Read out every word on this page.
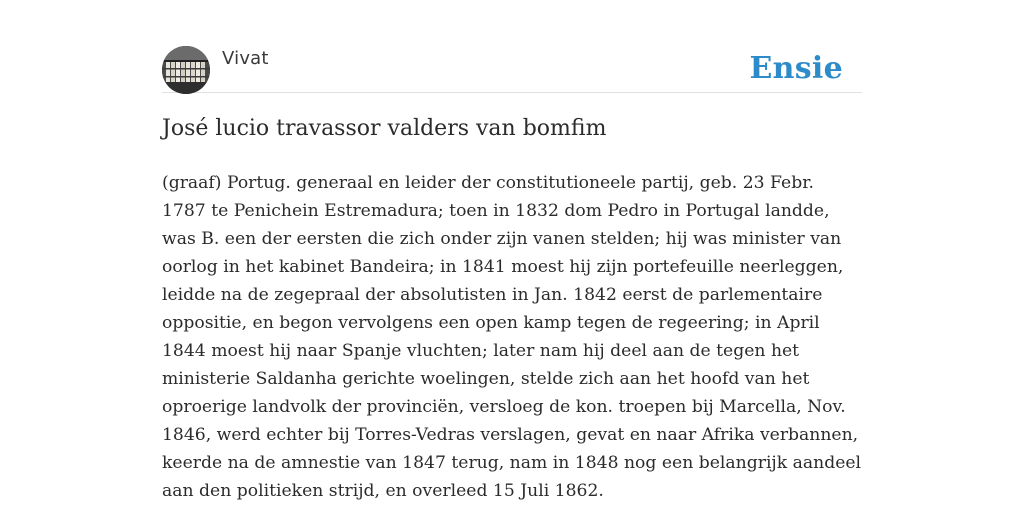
Vivat	Ensie
José lucio travassor valders van bomfim

(graaf) Portug. generaal en leider der constitutioneele partij, geb. 23 Febr. 1787 te Penichein Estremadura; toen in 1832 dom Pedro in Portugal landde, was B. een der eersten die zich onder zijn vanen stelden; hij was minister van oorlog in het kabinet Bandeira; in 1841 moest hij zijn portefeuille neerleggen, leidde na de zegepraal der absolutisten in Jan. 1842 eerst de parlementaire oppositie, en begon vervolgens een open kamp tegen de regeering; in April 1844 moest hij naar Spanje vluchten; later nam hij deel aan de tegen het ministerie Saldanha gerichte woelingen, stelde zich aan het hoofd van het oproerige landvolk der provinciën, versloeg de kon. troepen bij Marcella, Nov. 1846, werd echter bij Torres-Vedras verslagen, gevat en naar Afrika verbannen, keerde na de amnestie van 1847 terug, nam in 1848 nog een belangrijk aandeel aan den politieken strijd, en overleed 15 Juli 1862.
